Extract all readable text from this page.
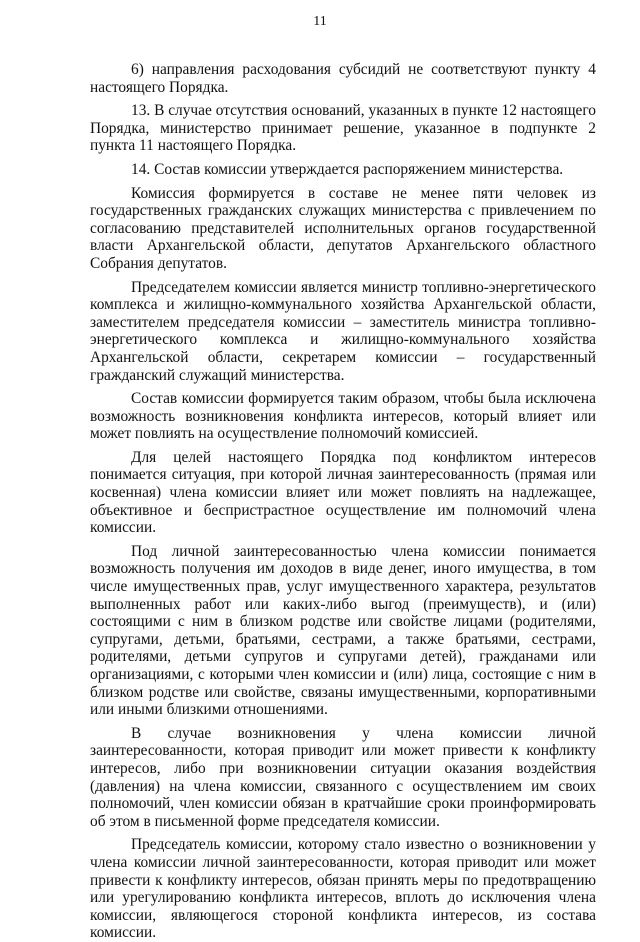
11

6) направления расходования субсидий не соответствуют пункту 4 настоящего Порядка.

13. В случае отсутствия оснований, указанных в пункте 12 настоящего Порядка, министерство принимает решение, указанное в подпункте 2 пункта 11 настоящего Порядка.

14. Состав комиссии утверждается распоряжением министерства.

Комиссия формируется в составе не менее пяти человек из государственных гражданских служащих министерства с привлечением по согласованию представителей исполнительных органов государственной власти Архангельской области, депутатов Архангельского областного Собрания депутатов.

Председателем комиссии является министр топливно-энергетического комплекса и жилищно-коммунального хозяйства Архангельской области, заместителем председателя комиссии – заместитель министра топливно-энергетического комплекса и жилищно-коммунального хозяйства Архангельской области, секретарем комиссии – государственный гражданский служащий министерства.

Состав комиссии формируется таким образом, чтобы была исключена возможность возникновения конфликта интересов, который влияет или может повлиять на осуществление полномочий комиссией.

Для целей настоящего Порядка под конфликтом интересов понимается ситуация, при которой личная заинтересованность (прямая или косвенная) члена комиссии влияет или может повлиять на надлежащее, объективное и беспристрастное осуществление им полномочий члена комиссии.

Под личной заинтересованностью члена комиссии понимается возможность получения им доходов в виде денег, иного имущества, в том числе имущественных прав, услуг имущественного характера, результатов выполненных работ или каких-либо выгод (преимуществ), и (или) состоящими с ним в близком родстве или свойстве лицами (родителями, супругами, детьми, братьями, сестрами, а также братьями, сестрами, родителями, детьми супругов и супругами детей), гражданами или организациями, с которыми член комиссии и (или) лица, состоящие с ним в близком родстве или свойстве, связаны имущественными, корпоративными или иными близкими отношениями.

В случае возникновения у члена комиссии личной заинтересованности, которая приводит или может привести к конфликту интересов, либо при возникновении ситуации оказания воздействия (давления) на члена комиссии, связанного с осуществлением им своих полномочий, член комиссии обязан в кратчайшие сроки проинформировать об этом в письменной форме председателя комиссии.

Председатель комиссии, которому стало известно о возникновении у члена комиссии личной заинтересованности, которая приводит или может привести к конфликту интересов, обязан принять меры по предотвращению или урегулированию конфликта интересов, вплоть до исключения члена комиссии, являющегося стороной конфликта интересов, из состава комиссии.
